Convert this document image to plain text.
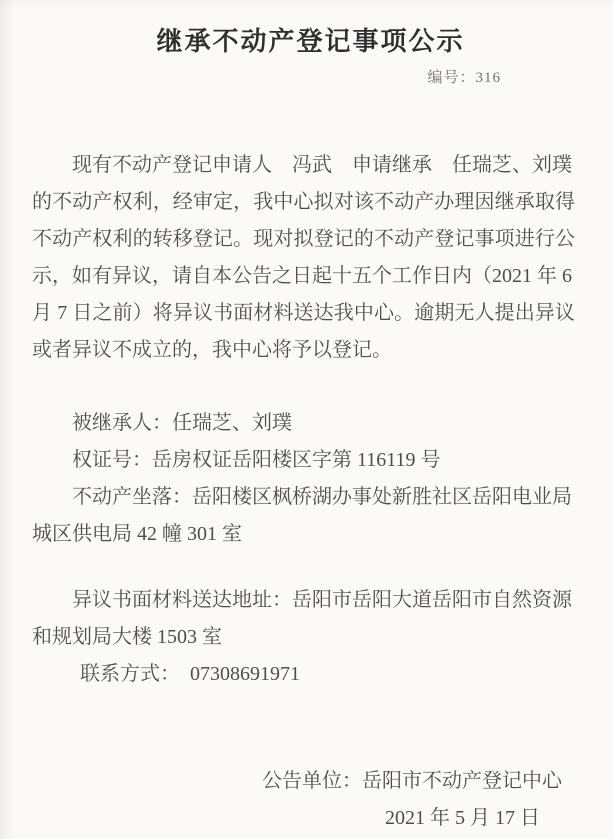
继承不动产登记事项公示
编号：316
现有不动产登记申请人　冯武　申请继承　任瑞芝、刘璞
的不动产权利，经审定，我中心拟对该不动产办理因继承取得
不动产权利的转移登记。现对拟登记的不动产登记事项进行公
示，如有异议，请自本公告之日起十五个工作日内（2021 年 6
月 7 日之前）将异议书面材料送达我中心。逾期无人提出异议
或者异议不成立的，我中心将予以登记。
被继承人：任瑞芝、刘璞
权证号：岳房权证岳阳楼区字第 116119 号
不动产坐落：岳阳楼区枫桥湖办事处新胜社区岳阳电业局
城区供电局 42 幢 301 室
异议书面材料送达地址：岳阳市岳阳大道岳阳市自然资源
和规划局大楼 1503 室
联系方式：　07308691971
公告单位：岳阳市不动产登记中心
2021 年 5 月 17 日
